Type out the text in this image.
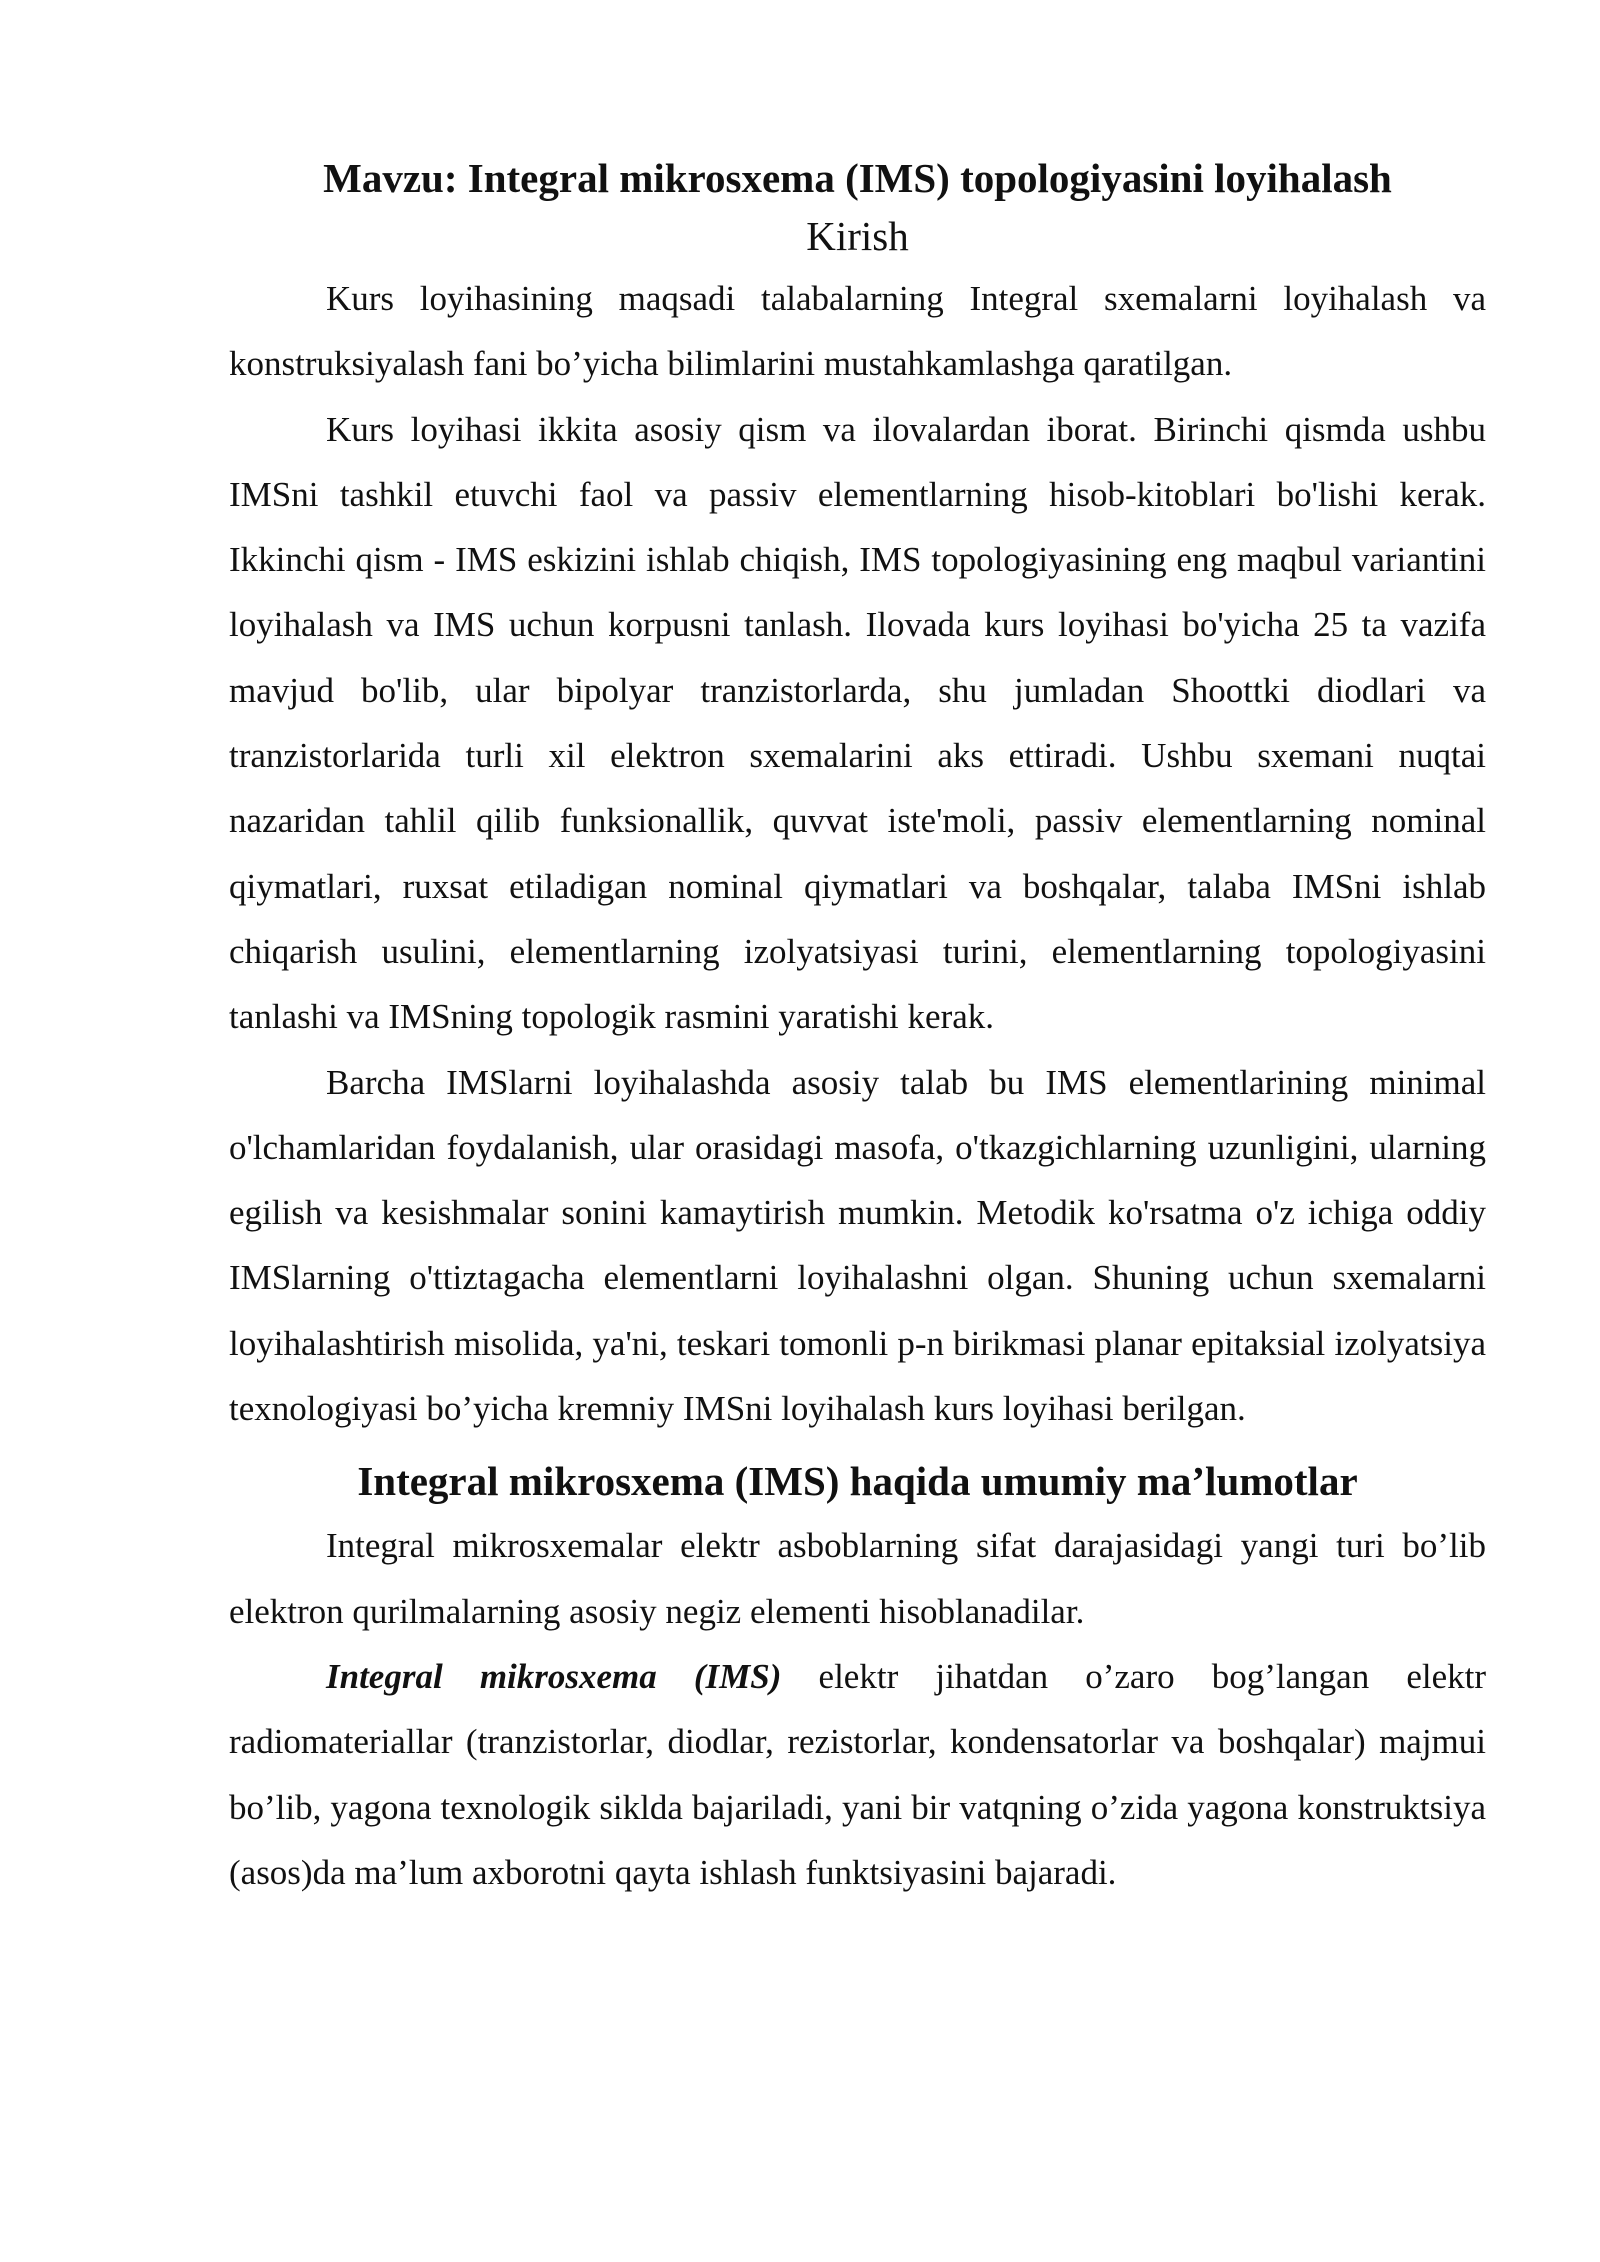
Mavzu: Integral mikrosxema (IMS) topologiyasini loyihalash
Kirish

Kurs loyihasining maqsadi talabalarning Integral sxemalarni loyihalash va konstruksiyalash fani bo’yicha bilimlarini mustahkamlashga qaratilgan.

Kurs loyihasi ikkita asosiy qism va ilovalardan iborat. Birinchi qismda ushbu IMSni tashkil etuvchi faol va passiv elementlarning hisob-kitoblari bo'lishi kerak. Ikkinchi qism - IMS eskizini ishlab chiqish, IMS topologiyasining eng maqbul variantini loyihalash va IMS uchun korpusni tanlash. Ilovada kurs loyihasi bo'yicha 25 ta vazifa mavjud bo'lib, ular bipolyar tranzistorlarda, shu jumladan Shoottki diodlari va tranzistorlarida turli xil elektron sxemalarini aks ettiradi. Ushbu sxemani nuqtai nazaridan tahlil qilib funksionallik, quvvat iste'moli, passiv elementlarning nominal qiymatlari, ruxsat etiladigan nominal qiymatlari va boshqalar, talaba IMSni ishlab chiqarish usulini, elementlarning izolyatsiyasi turini, elementlarning topologiyasini tanlashi va IMSning topologik rasmini yaratishi kerak.

Barcha IMSlarni loyihalashda asosiy talab bu IMS elementlarining minimal o'lchamlaridan foydalanish, ular orasidagi masofa, o'tkazgichlarning uzunligini, ularning egilish va kesishmalar sonini kamaytirish mumkin. Metodik ko'rsatma o'z ichiga oddiy IMSlarning o'ttiztagacha elementlarni loyihalashni olgan. Shuning uchun sxemalarni loyihalashtirish misolida, ya'ni, teskari tomonli p-n birikmasi planar epitaksial izolyatsiya texnologiyasi bo’yicha kremniy IMSni loyihalash kurs loyihasi berilgan.

Integral mikrosxema (IMS) haqida umumiy ma’lumotlar

Integral mikrosxemalar elektr asboblarning sifat darajasidagi yangi turi bo’lib elektron qurilmalarning asosiy negiz elementi hisoblanadilar.

Integral mikrosxema (IMS) elektr jihatdan o’zaro bog’langan elektr radiomateriallar (tranzistorlar, diodlar, rezistorlar, kondensatorlar va boshqalar) majmui bo’lib, yagona texnologik siklda bajariladi, yani bir vatqning o’zida yagona konstruktsiya (asos)da ma’lum axborotni qayta ishlash funktsiyasini bajaradi.
